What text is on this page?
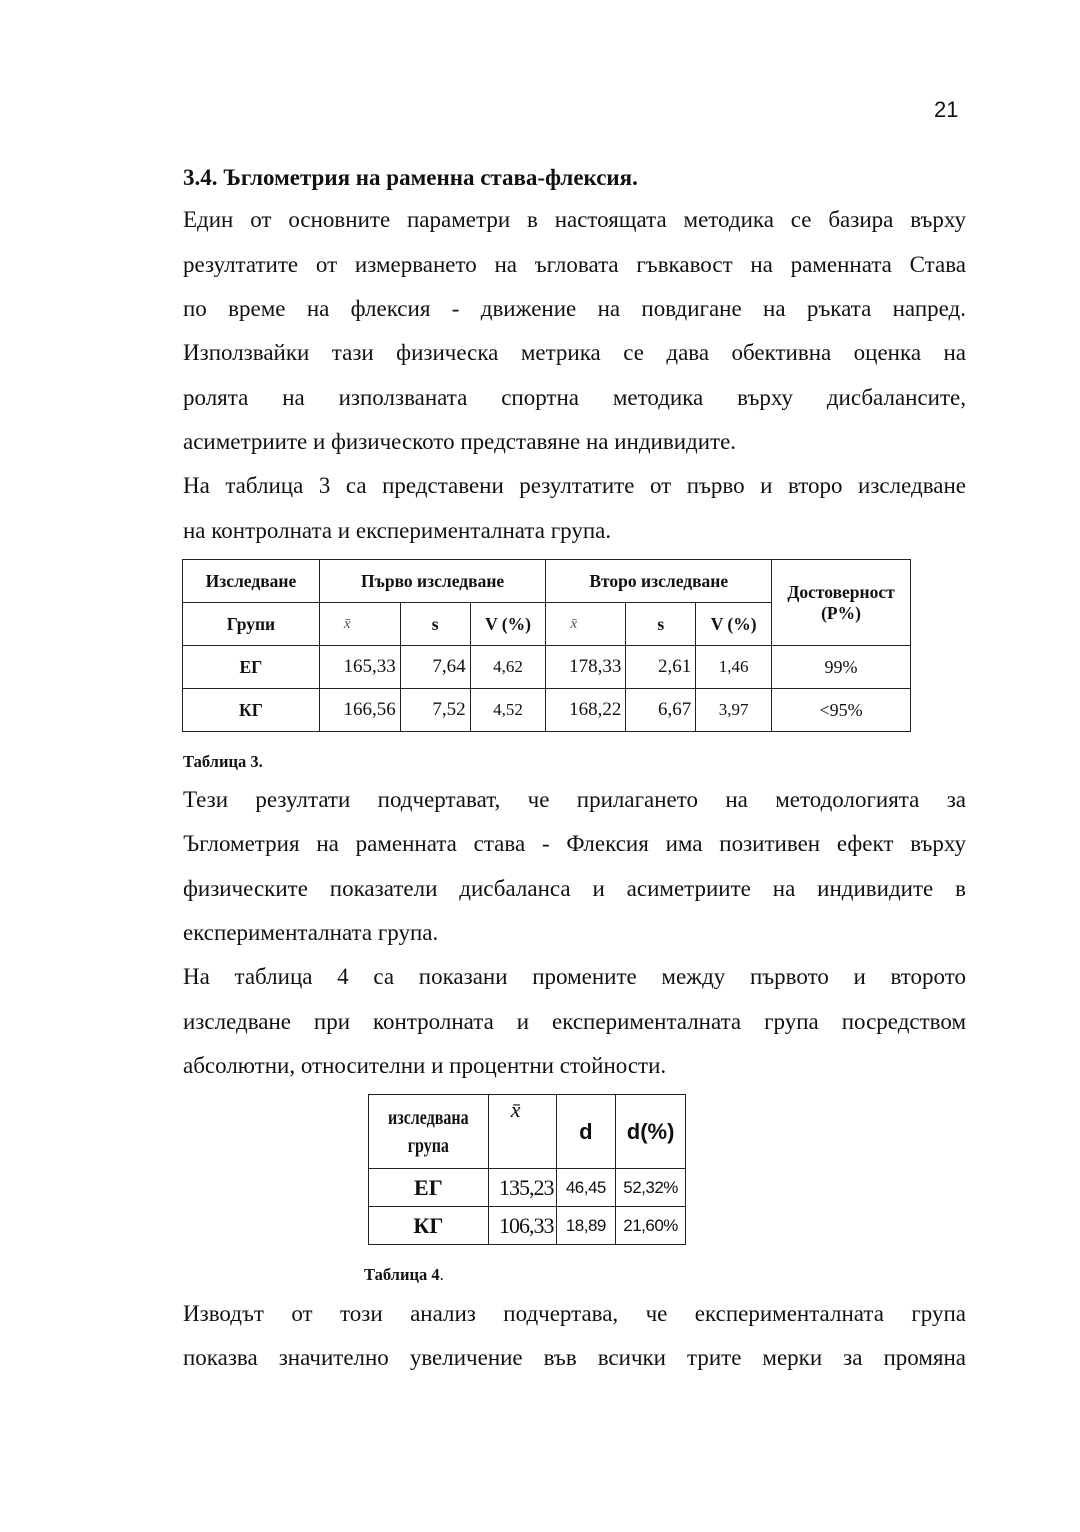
21
3.4. Ъглометрия на раменна става-флексия.
Един от основните параметри в настоящата методика се базира върху
резултатите от измерването на ъгловата гъвкавост на раменната Става
по време на флексия - движение на повдигане на ръката напред.
Използвайки тази физическа метрика се дава обективна оценка на
ролята на използваната спортна методика върху дисбалансите,
асиметриите и физическото представяне на индивидите.
На таблица 3 са представени резултатите от първо и второ изследване
на контролната и експерименталната група.
Изследване	Първо изследване			Второ изследване			Достоверност
(P%)

Групи	x̄	s	V (%)	x̄	s	V (%)	
ЕГ	165,33	7,64	4,62	178,33	2,61	1,46	99%
КГ	166,56	7,52	4,52	168,22	6,67	3,97	<95%
Таблица 3.
Тези резултати подчертават, че прилагането на методологията за
Ъглометрия на раменната става - Флексия има позитивен ефект върху
физическите показатели дисбаланса и асиметриите на индивидите в
експерименталната група.
На таблица 4 са показани промените между първото и второто
изследване при контролната и експерименталната група посредством
абсолютни, относителни и процентни стойности.
изследвана
група	x̄	d	d(%)
ЕГ	135,23	46,45	52,32%
КГ	106,33	18,89	21,60%
Таблица 4.
Изводът от този анализ подчертава, че експерименталната група
показва значително увеличение във всички трите мерки за промяна
